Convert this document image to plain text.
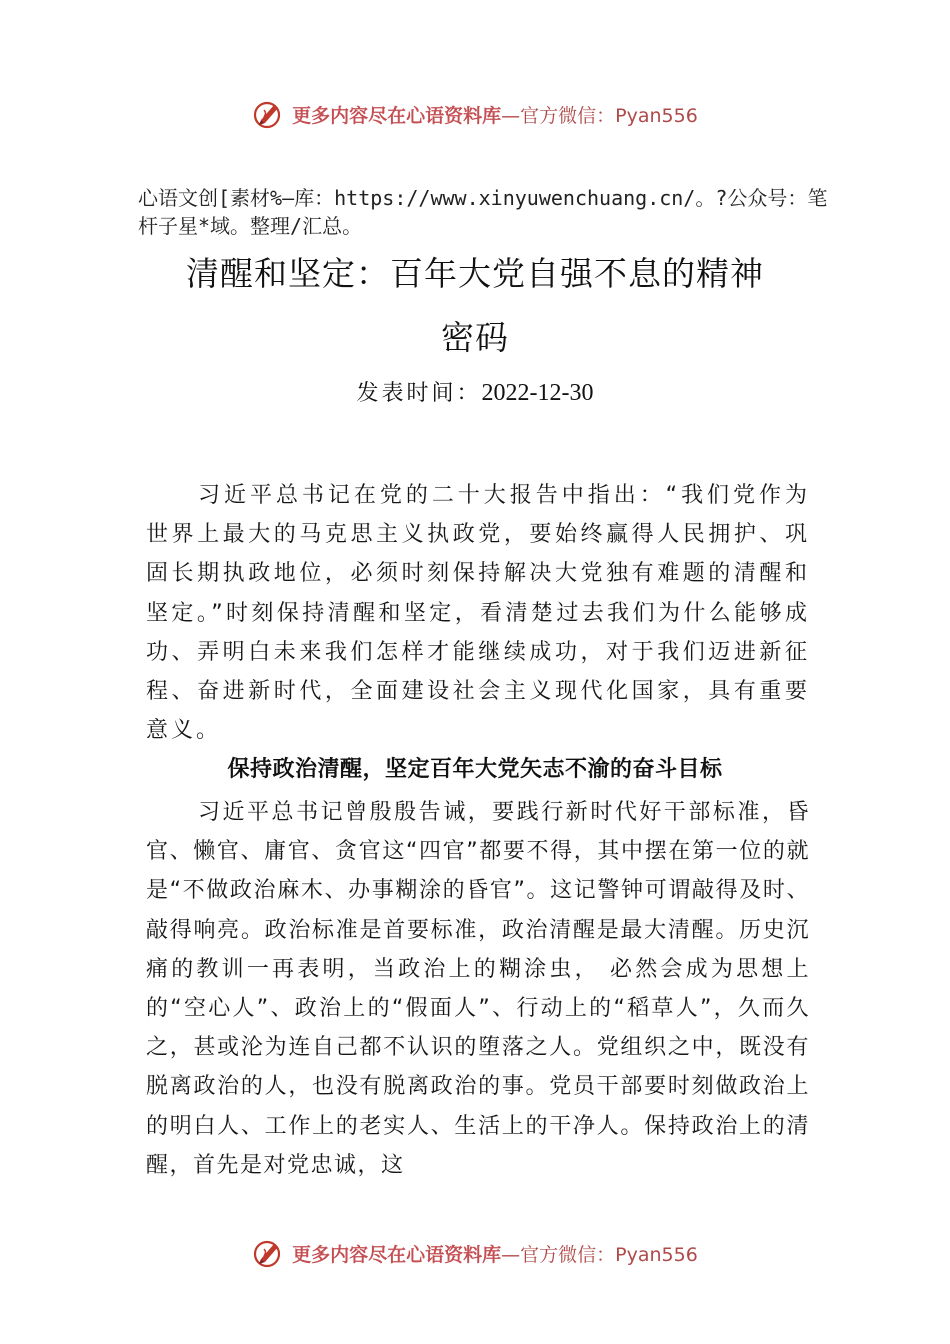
更多内容尽在心语资料库 —官方微信：Pyan556
心语文创[素材%—库：https://www.xinyuwenchuang.cn/。?公众号：笔杆子星*域。整理/汇总。
清醒和坚定：百年大党自强不息的精神
密码
发表时间：2022-12-30

习近平总书记在党的二十大报告中指出：“我们党作为世界上最大的马克思主义执政党，要始终赢得人民拥护、巩固长期执政地位，必须时刻保持解决大党独有难题的清醒和坚定。”时刻保持清醒和坚定，看清楚过去我们为什么能够成功、弄明白未来我们怎样才能继续成功，对于我们迈进新征程、奋进新时代，全面建设社会主义现代化国家，具有重要意义。

保持政治清醒，坚定百年大党矢志不渝的奋斗目标

习近平总书记曾殷殷告诫，要践行新时代好干部标准，昏官、懒官、庸官、贪官这“四官”都要不得，其中摆在第一位的就是“不做政治麻木、办事糊涂的昏官”。这记警钟可谓敲得及时、敲得响亮。政治标准是首要标准，政治清醒是最大清醒。历史沉痛的教训一再表明，当政治上的糊涂虫， 必然会成为思想上的“空心人”、政治上的“假面人”、行动上的“稻草人”，久而久之，甚或沦为连自己都不认识的堕落之人。党组织之中，既没有脱离政治的人，也没有脱离政治的事。党员干部要时刻做政治上的明白人、工作上的老实人、生活上的干净人。保持政治上的清醒，首先是对党忠诚，这

更多内容尽在心语资料库 —官方微信：Pyan556
